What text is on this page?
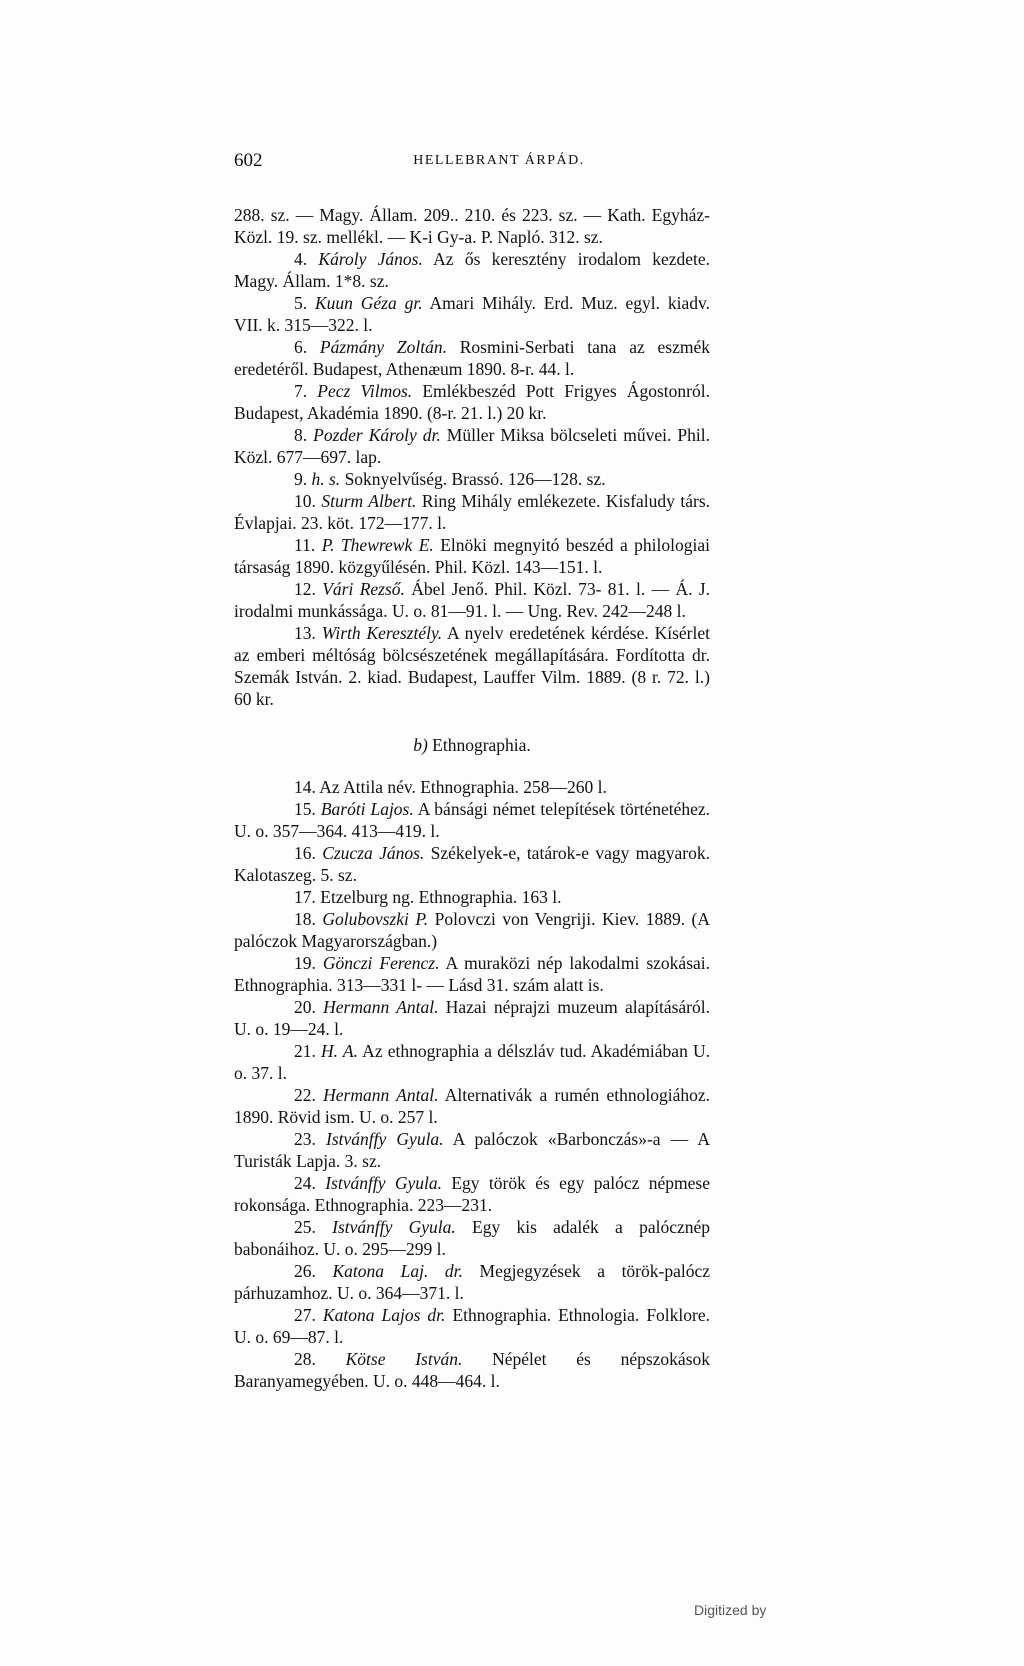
602	HELLEBRANT ÁRPÁD.

288. sz. — Magy. Állam. 209.. 210. és 223. sz. — Kath. Egyház-Közl. 19. sz. mellékl. — K-i Gy-a. P. Napló. 312. sz.

4. Károly János. Az ős keresztény irodalom kezdete. Magy. Állam. 1*8. sz.

5. Kuun Géza gr. Amari Mihály. Erd. Muz. egyl. kiadv. VII. k. 315—322. l.

6. Pázmány Zoltán. Rosmini-Serbati tana az eszmék eredetéről. Budapest, Athenæum 1890. 8-r. 44. l.

7. Pecz Vilmos. Emlékbeszéd Pott Frigyes Ágostonról. Budapest, Akadémia 1890. (8-r. 21. l.) 20 kr.

8. Pozder Károly dr. Müller Miksa bölcseleti művei. Phil. Közl. 677—697. lap.

9. h. s. Soknyelvűség. Brassó. 126—128. sz.

10. Sturm Albert. Ring Mihály emlékezete. Kisfaludy társ. Évlapjai. 23. köt. 172—177. l.

11. P. Thewrewk E. Elnöki megnyitó beszéd a philologiai társaság 1890. közgyűlésén. Phil. Közl. 143—151. l.

12. Vári Rezső. Ábel Jenő. Phil. Közl. 73- 81. l. — Á. J. irodalmi munkássága. U. o. 81—91. l. — Ung. Rev. 242—248 l.

13. Wirth Keresztély. A nyelv eredetének kérdése. Kísérlet az emberi méltóság bölcsészetének megállapítására. Fordította dr. Szemák István. 2. kiad. Budapest, Lauffer Vilm. 1889. (8 r. 72. l.) 60 kr.

b) Ethnographia.

14. Az Attila név. Ethnographia. 258—260 l.

15. Baróti Lajos. A bánsági német telepítések történetéhez. U. o. 357—364. 413—419. l.

16. Czucza János. Székelyek-e, tatárok-e vagy magyarok. Kalotaszeg. 5. sz.

17. Etzelburg ng. Ethnographia. 163 l.

18. Golubovszki P. Polovczi von Vengriji. Kiev. 1889. (A palóczok Magyarországban.)

19. Gönczi Ferencz. A muraközi nép lakodalmi szokásai. Ethnographia. 313—331 l- — Lásd 31. szám alatt is.

20. Hermann Antal. Hazai néprajzi muzeum alapításáról. U. o. 19—24. l.

21. H. A. Az ethnographia a délszláv tud. Akadémiában U. o. 37. l.

22. Hermann Antal. Alternativák a rumén ethnologiához. 1890. Rövid ism. U. o. 257 l.

23. Istvánffy Gyula. A palóczok «Barbonczás»-a — A Turisták Lapja. 3. sz.

24. Istvánffy Gyula. Egy török és egy palócz népmese rokonsága. Ethnographia. 223—231.

25. Istvánffy Gyula. Egy kis adalék a palócznép babonáihoz. U. o. 295—299 l.

26. Katona Laj. dr. Megjegyzések a török-palócz párhuzamhoz. U. o. 364—371. l.

27. Katona Lajos dr. Ethnographia. Ethnologia. Folklore. U. o. 69—87. l.

28. Kötse István. Népélet és népszokások Baranyamegyében. U. o. 448—464. l.

Digitized by
